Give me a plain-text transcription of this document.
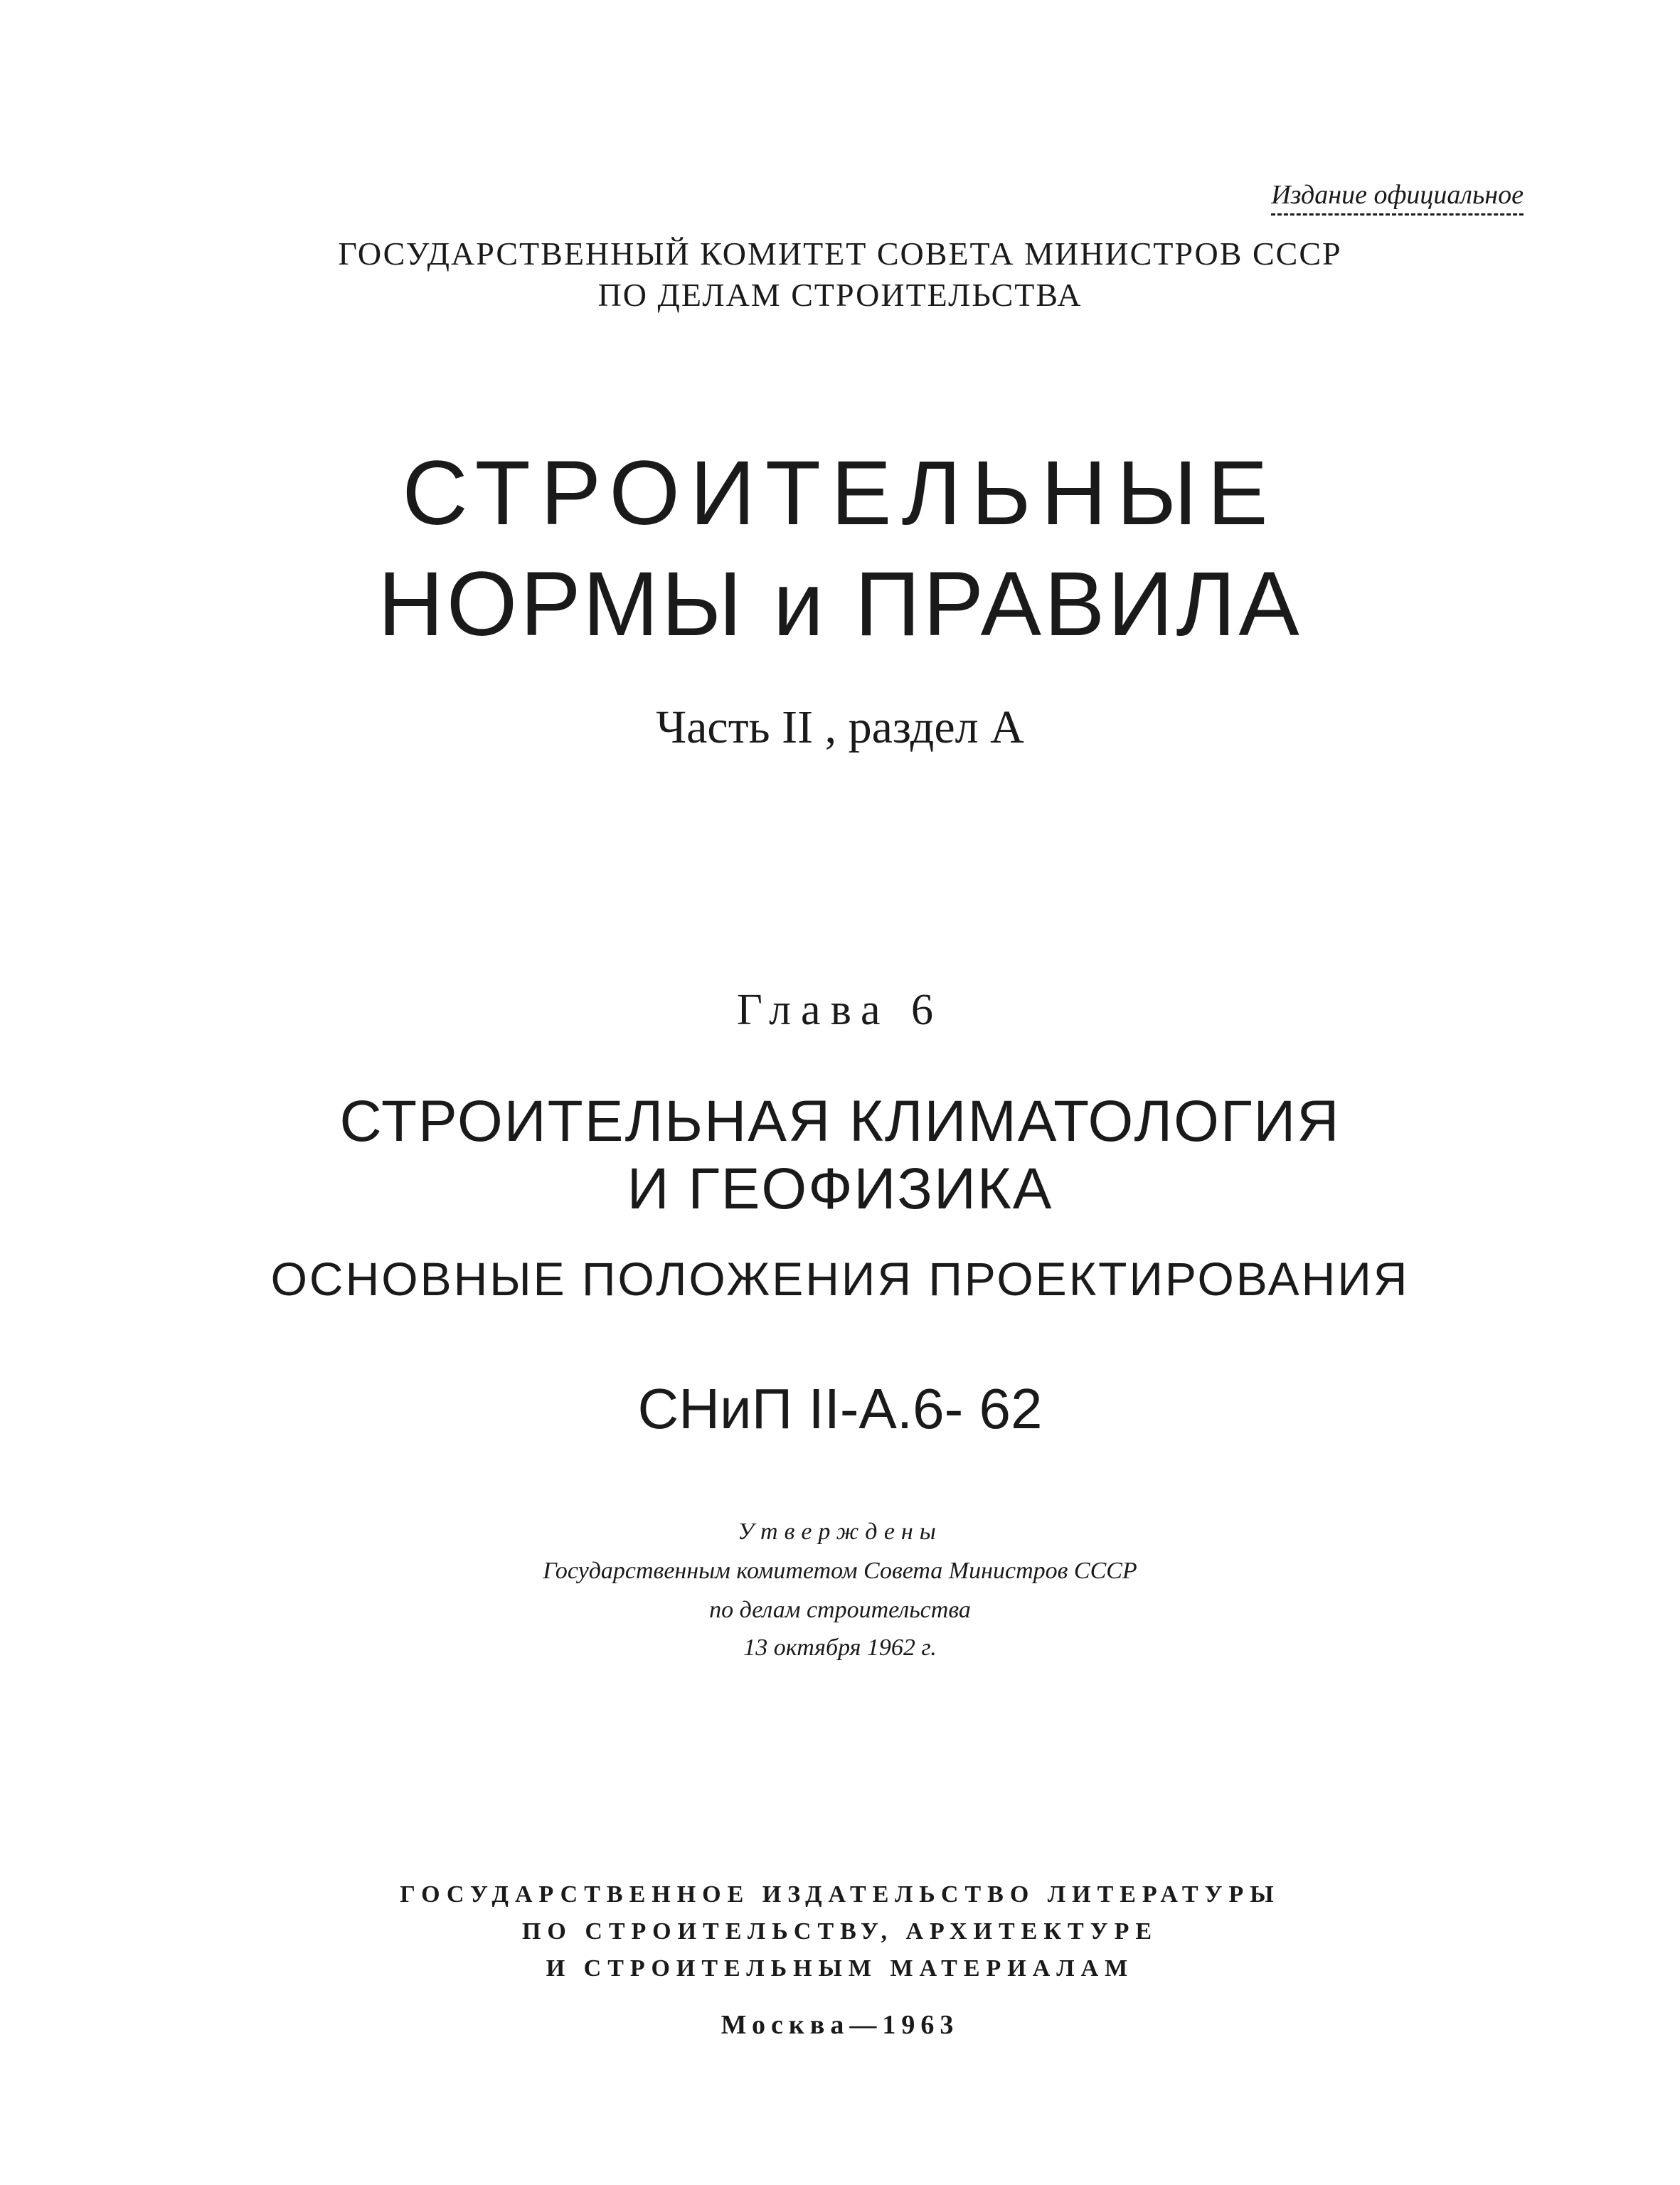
Издание официальное
ГОСУДАРСТВЕННЫЙ КОМИТЕТ СОВЕТА МИНИСТРОВ СССР
ПО ДЕЛАМ СТРОИТЕЛЬСТВА
СТРОИТЕЛЬНЫЕ
НОРМЫ и ПРАВИЛА
Часть II , раздел А
Глава 6
СТРОИТЕЛЬНАЯ КЛИМАТОЛОГИЯ
И ГЕОФИЗИКА
ОСНОВНЫЕ ПОЛОЖЕНИЯ ПРОЕКТИРОВАНИЯ
СНиП II-А.6- 62
Утверждены
Государственным комитетом Совета Министров СССР
по делам строительства
13 октября 1962 г.
ГОСУДАРСТВЕННОЕ ИЗДАТЕЛЬСТВО ЛИТЕРАТУРЫ
ПО СТРОИТЕЛЬСТВУ, АРХИТЕКТУРЕ
И СТРОИТЕЛЬНЫМ МАТЕРИАЛАМ
Москва—1963
